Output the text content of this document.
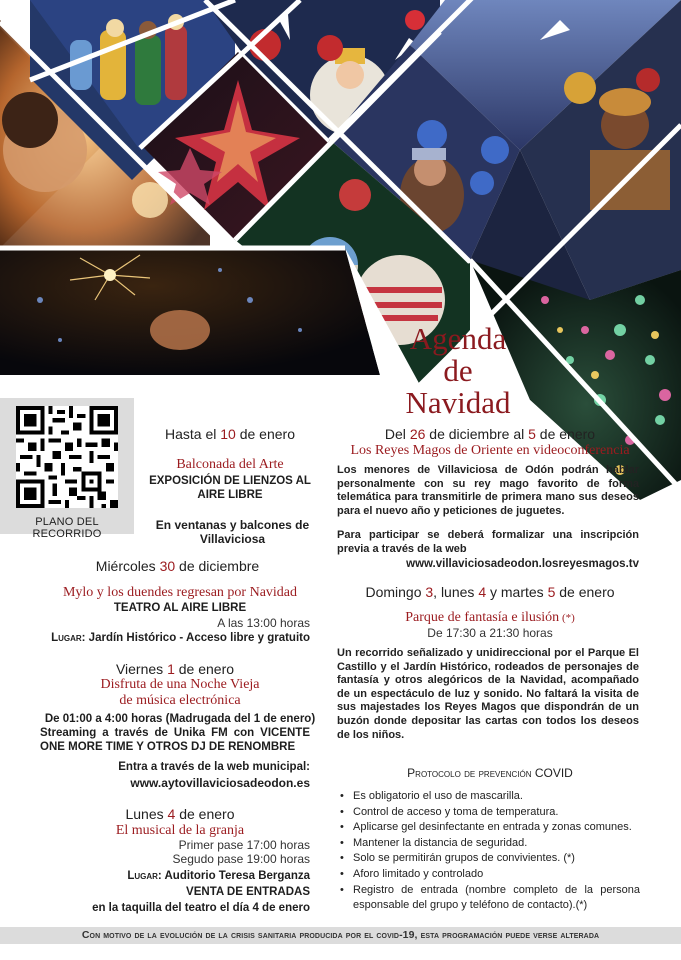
Agenda
de Navidad
PLANO DEL RECORRIDO
Hasta el 10 de enero
Balconada del Arte
EXPOSICIÓN DE LIENZOS AL AIRE LIBRE
En ventanas y balcones de Villaviciosa
Miércoles 30 de diciembre
Mylo y los duendes regresan por Navidad
TEATRO AL AIRE LIBRE
A las 13:00 horas
Lugar: Jardín Histórico - Acceso libre y gratuito
Viernes 1 de enero
Disfruta de una Noche Vieja
de música electrónica
De 01:00 a 4:00 horas (Madrugada del 1 de enero)
Streaming a través de Unika FM con VICENTE ONE MORE TIME Y OTROS DJ DE RENOMBRE
Entra a través de la web municipal:
www.aytovillaviciosadeodon.es
Lunes 4 de enero
El musical de la granja
Primer pase 17:00 horas
Segudo pase 19:00 horas
Lugar: Auditorio Teresa Berganza
VENTA DE ENTRADAS
en la taquilla del teatro el día 4 de enero
Del 26 de diciembre al 5 de enero
Los Reyes Magos de Oriente en videoconferencia
Los menores de Villaviciosa de Odón podrán hablar personalmente con su rey mago favorito de forma telemática para transmitirle de primera mano sus deseos para el nuevo año y peticiones de juguetes.
Para participar se deberá formalizar una inscripción previa a través de la web
www.villaviciosadeodon.losreyesmagos.tv
Domingo 3, lunes 4 y martes 5 de enero
Parque de fantasía e ilusión (*)
De 17:30 a 21:30 horas
Un recorrido señalizado y unidireccional por el Parque El Castillo y el Jardín Histórico, rodeados de personajes de fantasía y otros alegóricos de la Navidad, acompañado de un espectáculo de luz y sonido. No faltará la visita de sus majestades los Reyes Magos que dispondrán de un buzón donde depositar las cartas con todos los deseos de los niños.
Protocolo de prevención COVID
• Es obligatorio el uso de mascarilla.
• Control de acceso y toma de temperatura.
• Aplicarse gel desinfectante en entrada y zonas comunes.
• Mantener la distancia de seguridad.
• Solo se permitirán grupos de convivientes. (*)
• Aforo limitado y controlado
• Registro de entrada (nombre completo de la persona esponsable del grupo y teléfono de contacto).(*)
Con motivo de la evolución de la crisis sanitaria producida por el covid-19, esta programación puede verse alterada
